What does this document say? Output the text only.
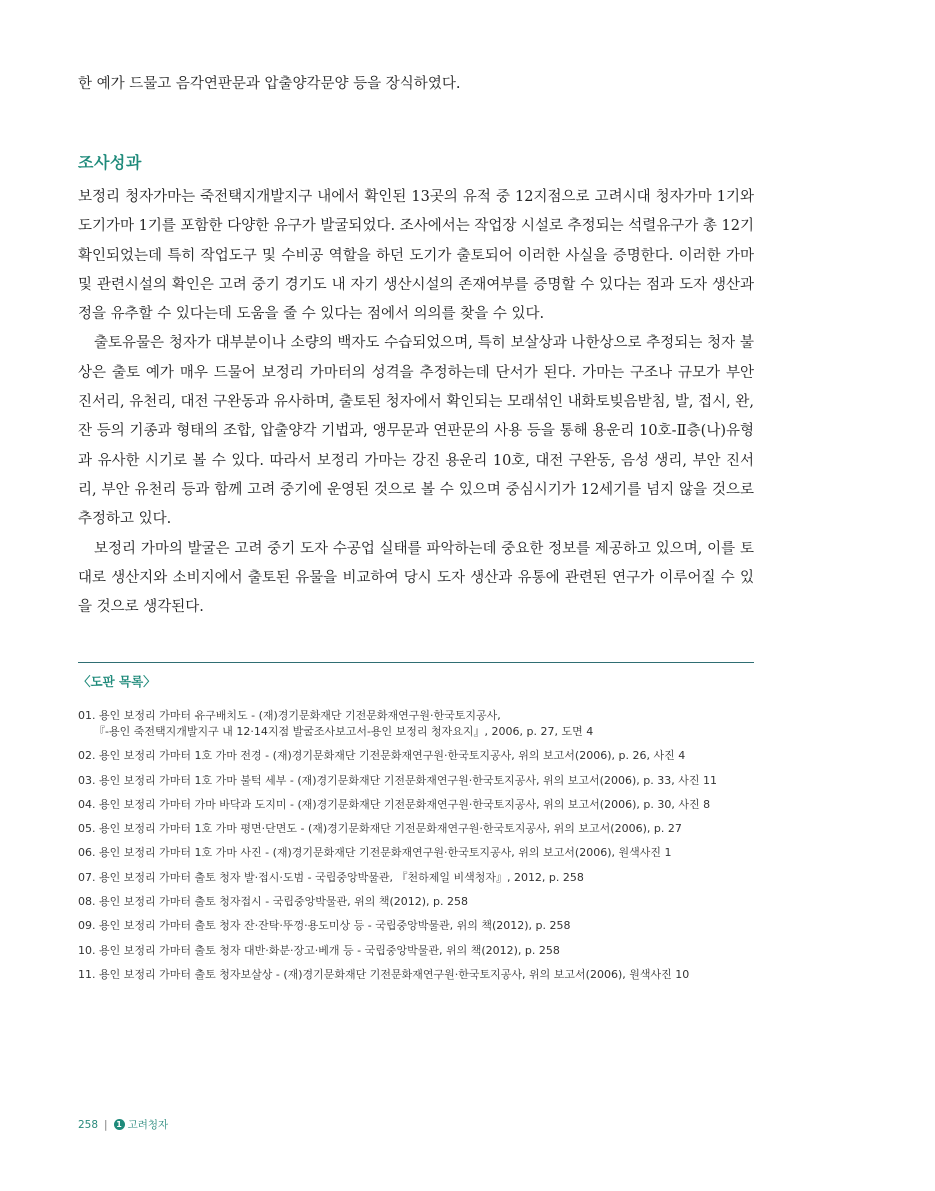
한 예가 드물고 음각연판문과 압출양각문양 등을 장식하였다.
조사성과

보정리 청자가마는 죽전택지개발지구 내에서 확인된 13곳의 유적 중 12지점으로 고려시대 청자가마 1기와 도기가마 1기를 포함한 다양한 유구가 발굴되었다. 조사에서는 작업장 시설로 추정되는 석렬유구가 총 12기 확인되었는데 특히 작업도구 및 수비공 역할을 하던 도기가 출토되어 이러한 사실을 증명한다. 이러한 가마 및 관련시설의 확인은 고려 중기 경기도 내 자기 생산시설의 존재여부를 증명할 수 있다는 점과 도자 생산과정을 유추할 수 있다는데 도움을 줄 수 있다는 점에서 의의를 찾을 수 있다.

출토유물은 청자가 대부분이나 소량의 백자도 수습되었으며, 특히 보살상과 나한상으로 추정되는 청자 불상은 출토 예가 매우 드물어 보정리 가마터의 성격을 추정하는데 단서가 된다. 가마는 구조나 규모가 부안 진서리, 유천리, 대전 구완동과 유사하며, 출토된 청자에서 확인되는 모래섞인 내화토빚음받침, 발, 접시, 완, 잔 등의 기종과 형태의 조합, 압출양각 기법과, 앵무문과 연판문의 사용 등을 통해 용운리 10호-Ⅱ층(나)유형과 유사한 시기로 볼 수 있다. 따라서 보정리 가마는 강진 용운리 10호, 대전 구완동, 음성 생리, 부안 진서리, 부안 유천리 등과 함께 고려 중기에 운영된 것으로 볼 수 있으며 중심시기가 12세기를 넘지 않을 것으로 추정하고 있다.

보정리 가마의 발굴은 고려 중기 도자 수공업 실태를 파악하는데 중요한 정보를 제공하고 있으며, 이를 토대로 생산지와 소비지에서 출토된 유물을 비교하여 당시 도자 생산과 유통에 관련된 연구가 이루어질 수 있을 것으로 생각된다.

〈도판 목록〉
01. 용인 보정리 가마터 유구배치도 - (재)경기문화재단 기전문화재연구원·한국토지공사,
『-용인 죽전택지개발지구 내 12·14지점 발굴조사보고서-용인 보정리 청자요지』, 2006, p. 27, 도면 4
02. 용인 보정리 가마터 1호 가마 전경 - (재)경기문화재단 기전문화재연구원·한국토지공사, 위의 보고서(2006), p. 26, 사진 4
03. 용인 보정리 가마터 1호 가마 불턱 세부 - (재)경기문화재단 기전문화재연구원·한국토지공사, 위의 보고서(2006), p. 33, 사진 11
04. 용인 보정리 가마터 가마 바닥과 도지미 - (재)경기문화재단 기전문화재연구원·한국토지공사, 위의 보고서(2006), p. 30, 사진 8
05. 용인 보정리 가마터 1호 가마 평면·단면도 - (재)경기문화재단 기전문화재연구원·한국토지공사, 위의 보고서(2006), p. 27
06. 용인 보정리 가마터 1호 가마 사진 - (재)경기문화재단 기전문화재연구원·한국토지공사, 위의 보고서(2006), 원색사진 1
07. 용인 보정리 가마터 출토 청자 발·접시·도범 - 국립중앙박물관, 『천하제일 비색청자』, 2012, p. 258
08. 용인 보정리 가마터 출토 청자접시 - 국립중앙박물관, 위의 책(2012), p. 258
09. 용인 보정리 가마터 출토 청자 잔·잔탁·뚜껑·용도미상 등 - 국립중앙박물관, 위의 책(2012), p. 258
10. 용인 보정리 가마터 출토 청자 대반·화분·장고·베개 등 - 국립중앙박물관, 위의 책(2012), p. 258
11. 용인 보정리 가마터 출토 청자보살상 - (재)경기문화재단 기전문화재연구원·한국토지공사, 위의 보고서(2006), 원색사진 10
258 |	1 고려청자
